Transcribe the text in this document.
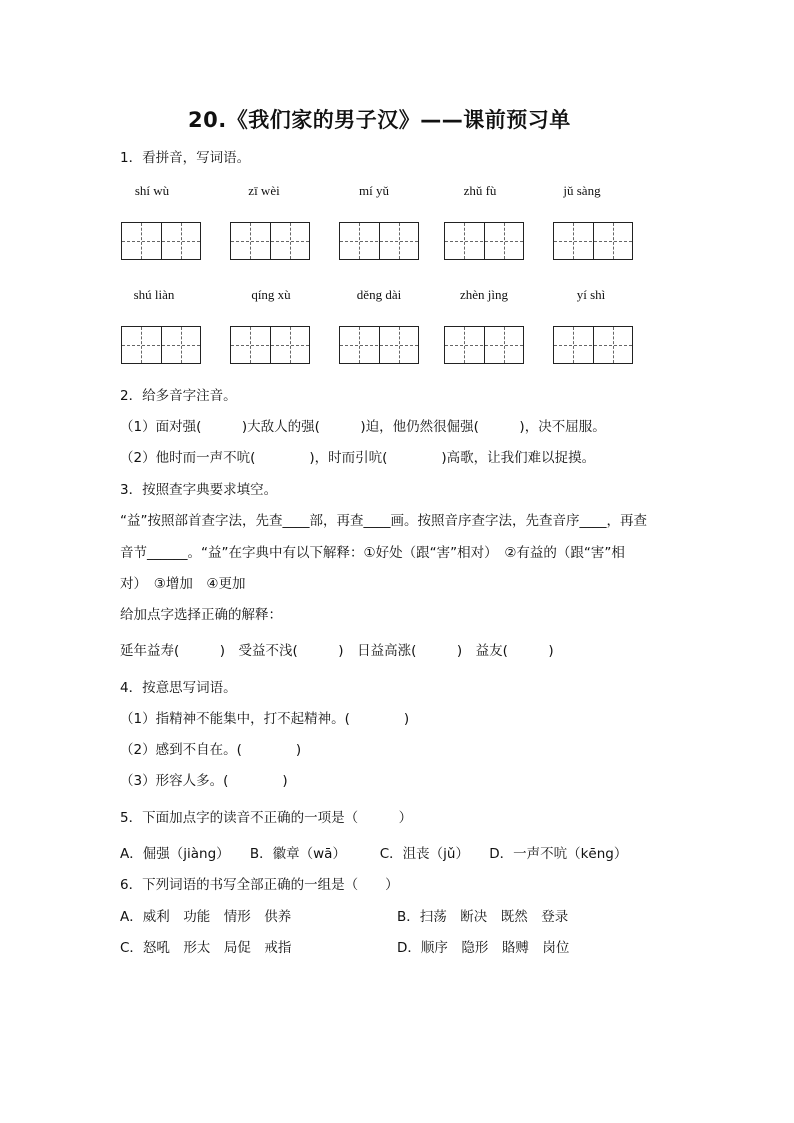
20.《我们家的男子汉》——课前预习单
1．看拼音，写词语。
shí wù	zī wèi	mí yǔ	zhǔ fù	jǔ sàng
shú liàn	qíng xù	děng dài	zhèn jìng	yí shì
2．给多音字注音。
（1）面对强(　　　)大敌人的强(　　　)迫，他仍然很倔强(　　　)，决不屈服。
（2）他时而一声不吭(　　　　)，时而引吭(　　　　)高歌，让我们难以捉摸。
3．按照查字典要求填空。
“益”按照部首查字法，先查____部，再查____画。按照音序查字法，先查音序____，再查
音节______。“益”在字典中有以下解释：①好处（跟“害”相对）　②有益的（跟“害”相
对）　③增加　④更加
给加点字选择正确的解释：
延年益寿(　　　)　受益不浅(　　　)　日益高涨(　　　)　益友(　　　)
4．按意思写词语。
（1）指精神不能集中，打不起精神。(　　　　)
（2）感到不自在。(　　　　)
（3）形容人多。(　　　　)
5．下面加点字的读音不正确的一项是（　　　）
A．倔强（jiàng）　　B．徽章（wā）　　　C．沮丧（jǔ）　　D．一声不吭（kēng）
6．下列词语的书写全部正确的一组是（　　）
A．威利　功能　情形　供养	B．扫荡　断决　既然　登录
C．怒吼　形太　局促　戒指	D．顺序　隐形　賂赙　岗位
